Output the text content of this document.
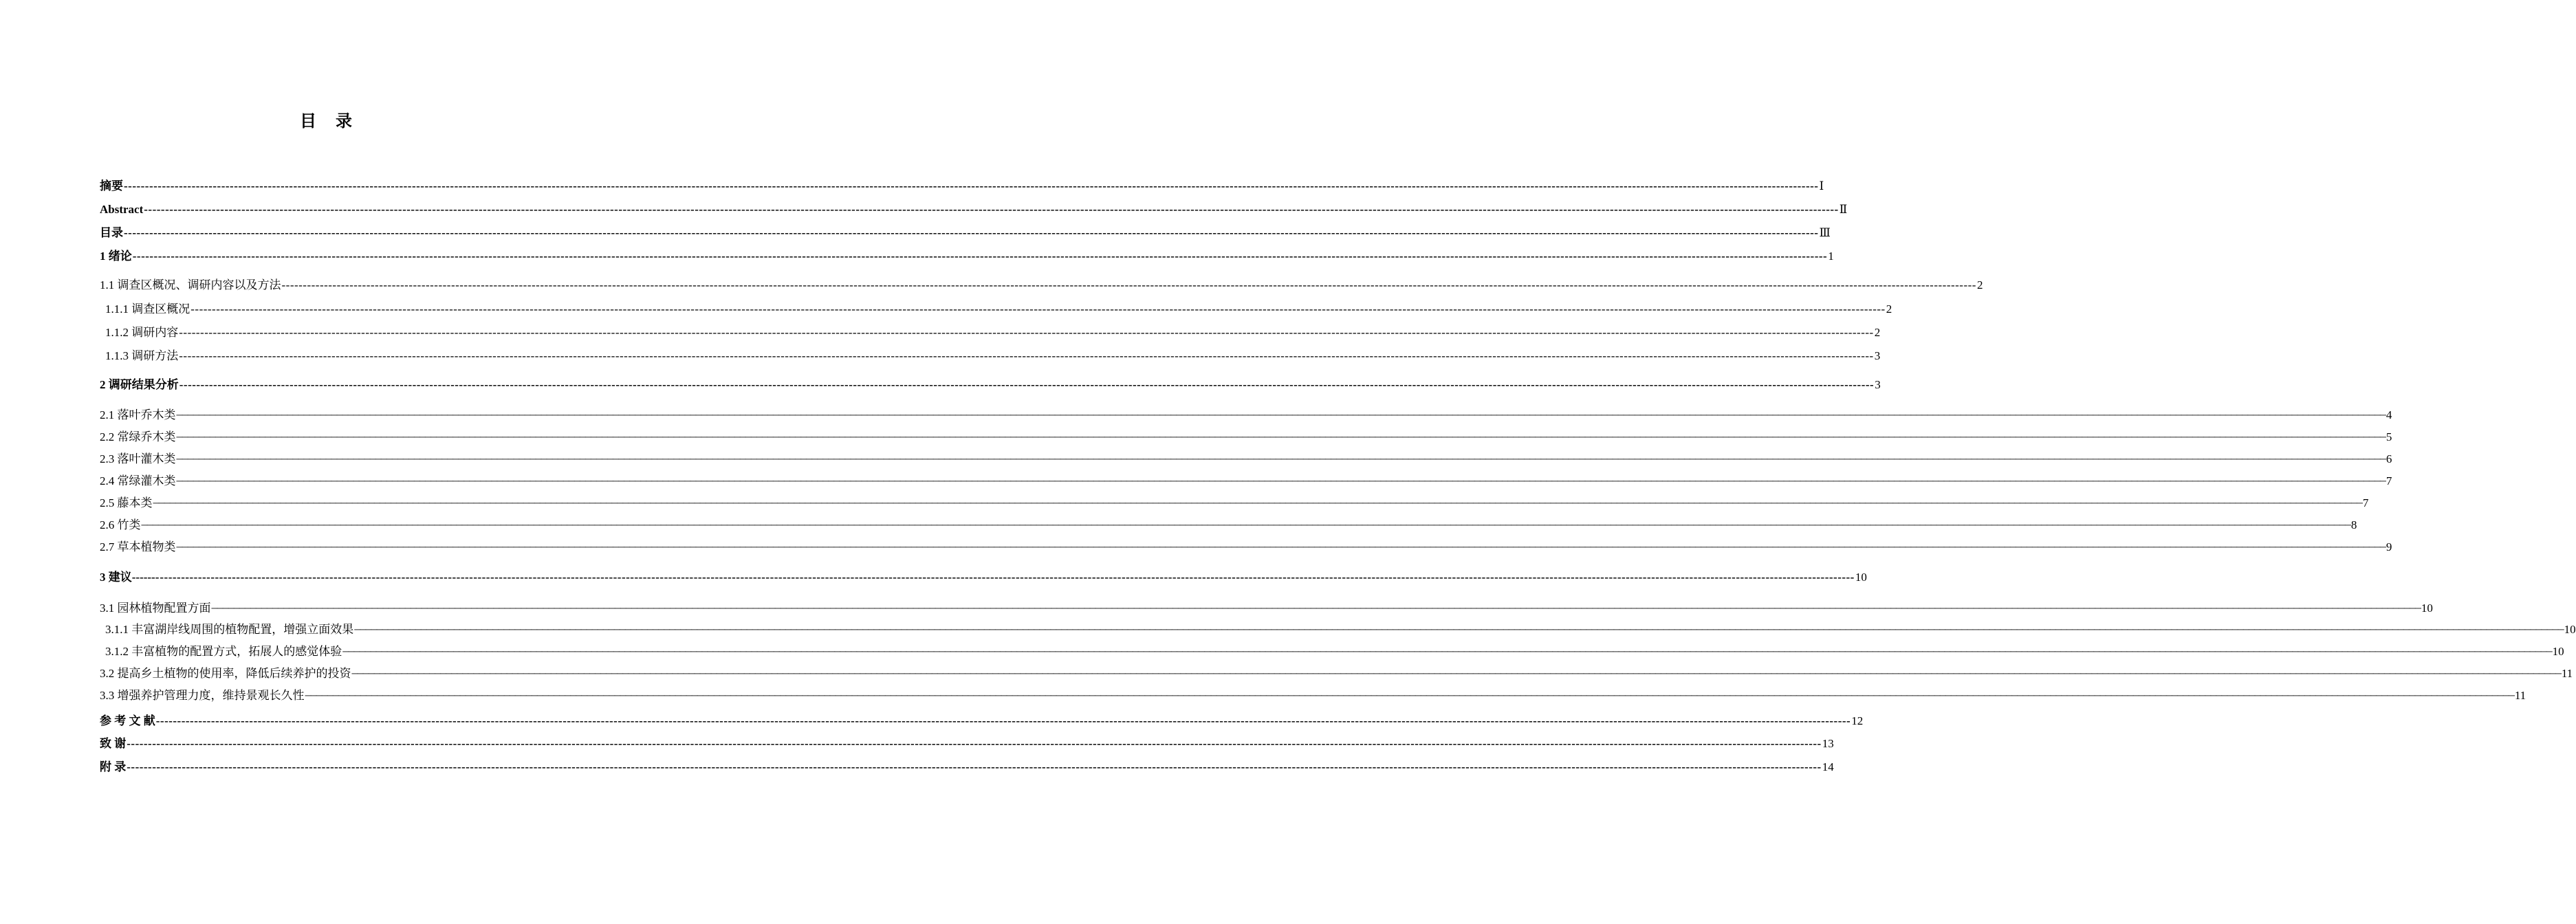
目　录
摘要 ---------------------------------------------------------------------------------------------------------------------------------------------------------------------------------------------------------------------------------------------------------------------------------------------------------------------------------------------------------------------------------------------------------------- Ⅰ
Abstract ---------------------------------------------------------------------------------------------------------------------------------------------------------------------------------------------------------------------------------------------------------------------------------------------------------------------------------------------------------------------------------------------------------------- Ⅱ
目录 ---------------------------------------------------------------------------------------------------------------------------------------------------------------------------------------------------------------------------------------------------------------------------------------------------------------------------------------------------------------------------------------------------------------- Ⅲ
1 绪论 ---------------------------------------------------------------------------------------------------------------------------------------------------------------------------------------------------------------------------------------------------------------------------------------------------------------------------------------------------------------------------------------------------------------- 1
1.1 调查区概况、调研内容以及方法 ---------------------------------------------------------------------------------------------------------------------------------------------------------------------------------------------------------------------------------------------------------------------------------------------------------------------------------------------------------------------------------------------------------------- 2
1.1.1 调查区概况 ---------------------------------------------------------------------------------------------------------------------------------------------------------------------------------------------------------------------------------------------------------------------------------------------------------------------------------------------------------------------------------------------------------------- 2
1.1.2 调研内容 ---------------------------------------------------------------------------------------------------------------------------------------------------------------------------------------------------------------------------------------------------------------------------------------------------------------------------------------------------------------------------------------------------------------- 2
1.1.3 调研方法 ---------------------------------------------------------------------------------------------------------------------------------------------------------------------------------------------------------------------------------------------------------------------------------------------------------------------------------------------------------------------------------------------------------------- 3
2 调研结果分析 ---------------------------------------------------------------------------------------------------------------------------------------------------------------------------------------------------------------------------------------------------------------------------------------------------------------------------------------------------------------------------------------------------------------- 3
2.1 落叶乔木类 ──────────────────────────────────────────────────────────────────────────────────────────────────────────────────────────────────────────────────────────────────────────────────────────────────────────────────────────────────────────────────────────────────────────────────────────────────────────────────────────────────────────────────────────────────────────────────────────────────────────────── 4
2.2 常绿乔木类 ──────────────────────────────────────────────────────────────────────────────────────────────────────────────────────────────────────────────────────────────────────────────────────────────────────────────────────────────────────────────────────────────────────────────────────────────────────────────────────────────────────────────────────────────────────────────────────────────────────────────── 5
2.3 落叶灌木类 ──────────────────────────────────────────────────────────────────────────────────────────────────────────────────────────────────────────────────────────────────────────────────────────────────────────────────────────────────────────────────────────────────────────────────────────────────────────────────────────────────────────────────────────────────────────────────────────────────────────────── 6
2.4 常绿灌木类 ──────────────────────────────────────────────────────────────────────────────────────────────────────────────────────────────────────────────────────────────────────────────────────────────────────────────────────────────────────────────────────────────────────────────────────────────────────────────────────────────────────────────────────────────────────────────────────────────────────────────── 7
2.5 藤本类 ──────────────────────────────────────────────────────────────────────────────────────────────────────────────────────────────────────────────────────────────────────────────────────────────────────────────────────────────────────────────────────────────────────────────────────────────────────────────────────────────────────────────────────────────────────────────────────────────────────────────── 7
2.6 竹类 ──────────────────────────────────────────────────────────────────────────────────────────────────────────────────────────────────────────────────────────────────────────────────────────────────────────────────────────────────────────────────────────────────────────────────────────────────────────────────────────────────────────────────────────────────────────────────────────────────────────────── 8
2.7 草本植物类 ──────────────────────────────────────────────────────────────────────────────────────────────────────────────────────────────────────────────────────────────────────────────────────────────────────────────────────────────────────────────────────────────────────────────────────────────────────────────────────────────────────────────────────────────────────────────────────────────────────────────── 9
3 建议------- ---------------------------------------------------------------------------------------------------------------------------------------------------------------------------------------------------------------------------------------------------------------------------------------------------------------------------------------------------------------------------------------------------------------- 10
3.1 园林植物配置方面 ──────────────────────────────────────────────────────────────────────────────────────────────────────────────────────────────────────────────────────────────────────────────────────────────────────────────────────────────────────────────────────────────────────────────────────────────────────────────────────────────────────────────────────────────────────────────────────────────────────────────── 10
3.1.1 丰富湖岸线周围的植物配置，增强立面效果 ──────────────────────────────────────────────────────────────────────────────────────────────────────────────────────────────────────────────────────────────────────────────────────────────────────────────────────────────────────────────────────────────────────────────────────────────────────────────────────────────────────────────────────────────────────────────────────────────────────────────── 10
3.1.2 丰富植物的配置方式，拓展人的感觉体验 ──────────────────────────────────────────────────────────────────────────────────────────────────────────────────────────────────────────────────────────────────────────────────────────────────────────────────────────────────────────────────────────────────────────────────────────────────────────────────────────────────────────────────────────────────────────────────────────────────────────────── 10
3.2 提高乡土植物的使用率，降低后续养护的投资 ──────────────────────────────────────────────────────────────────────────────────────────────────────────────────────────────────────────────────────────────────────────────────────────────────────────────────────────────────────────────────────────────────────────────────────────────────────────────────────────────────────────────────────────────────────────────────────────────────────────────── 11
3.3 增强养护管理力度，维持景观长久性 ──────────────────────────────────────────────────────────────────────────────────────────────────────────────────────────────────────────────────────────────────────────────────────────────────────────────────────────────────────────────────────────────────────────────────────────────────────────────────────────────────────────────────────────────────────────────────────────────────────────────── 11
参 考 文 献 ---------------------------------------------------------------------------------------------------------------------------------------------------------------------------------------------------------------------------------------------------------------------------------------------------------------------------------------------------------------------------------------------------------------- 12
致 谢 ---------------------------------------------------------------------------------------------------------------------------------------------------------------------------------------------------------------------------------------------------------------------------------------------------------------------------------------------------------------------------------------------------------------- 13
附 录 ---------------------------------------------------------------------------------------------------------------------------------------------------------------------------------------------------------------------------------------------------------------------------------------------------------------------------------------------------------------------------------------------------------------- 14
